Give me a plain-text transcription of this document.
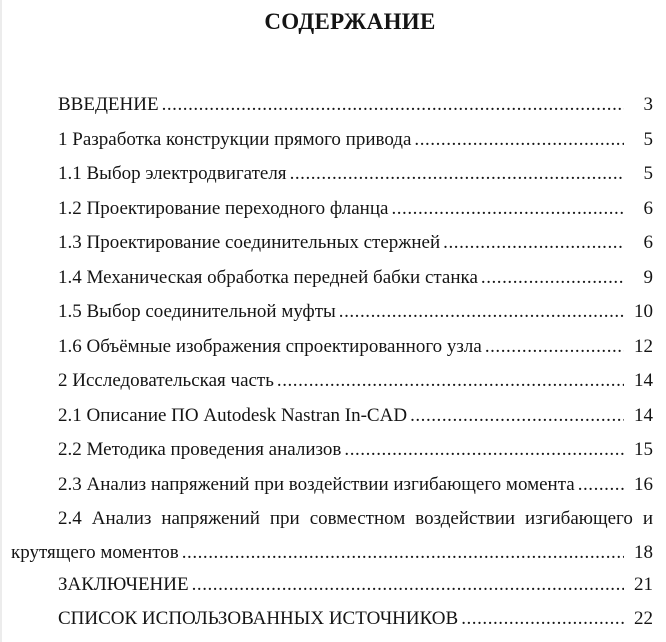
СОДЕРЖАНИЕ
ВВЕДЕНИЕ .....	3
1 Разработка конструкции прямого привода .....	5
1.1 Выбор электродвигателя .....	5
1.2 Проектирование переходного фланца .....	6
1.3 Проектирование соединительных стержней .....	6
1.4 Механическая обработка передней бабки станка .....	9
1.5 Выбор соединительной муфты .....	10
1.6 Объёмные изображения спроектированного узла .....	12
2 Исследовательская часть .....	14
2.1 Описание ПО Autodesk Nastran In-CAD .....	14
2.2 Методика проведения анализов .....	15
2.3 Анализ напряжений при воздействии изгибающего момента .....	16
2.4 Анализ напряжений при совместном воздействии изгибающего и
крутящего моментов .....	18
ЗАКЛЮЧЕНИЕ .....	21
СПИСОК ИСПОЛЬЗОВАННЫХ ИСТОЧНИКОВ .....	22
